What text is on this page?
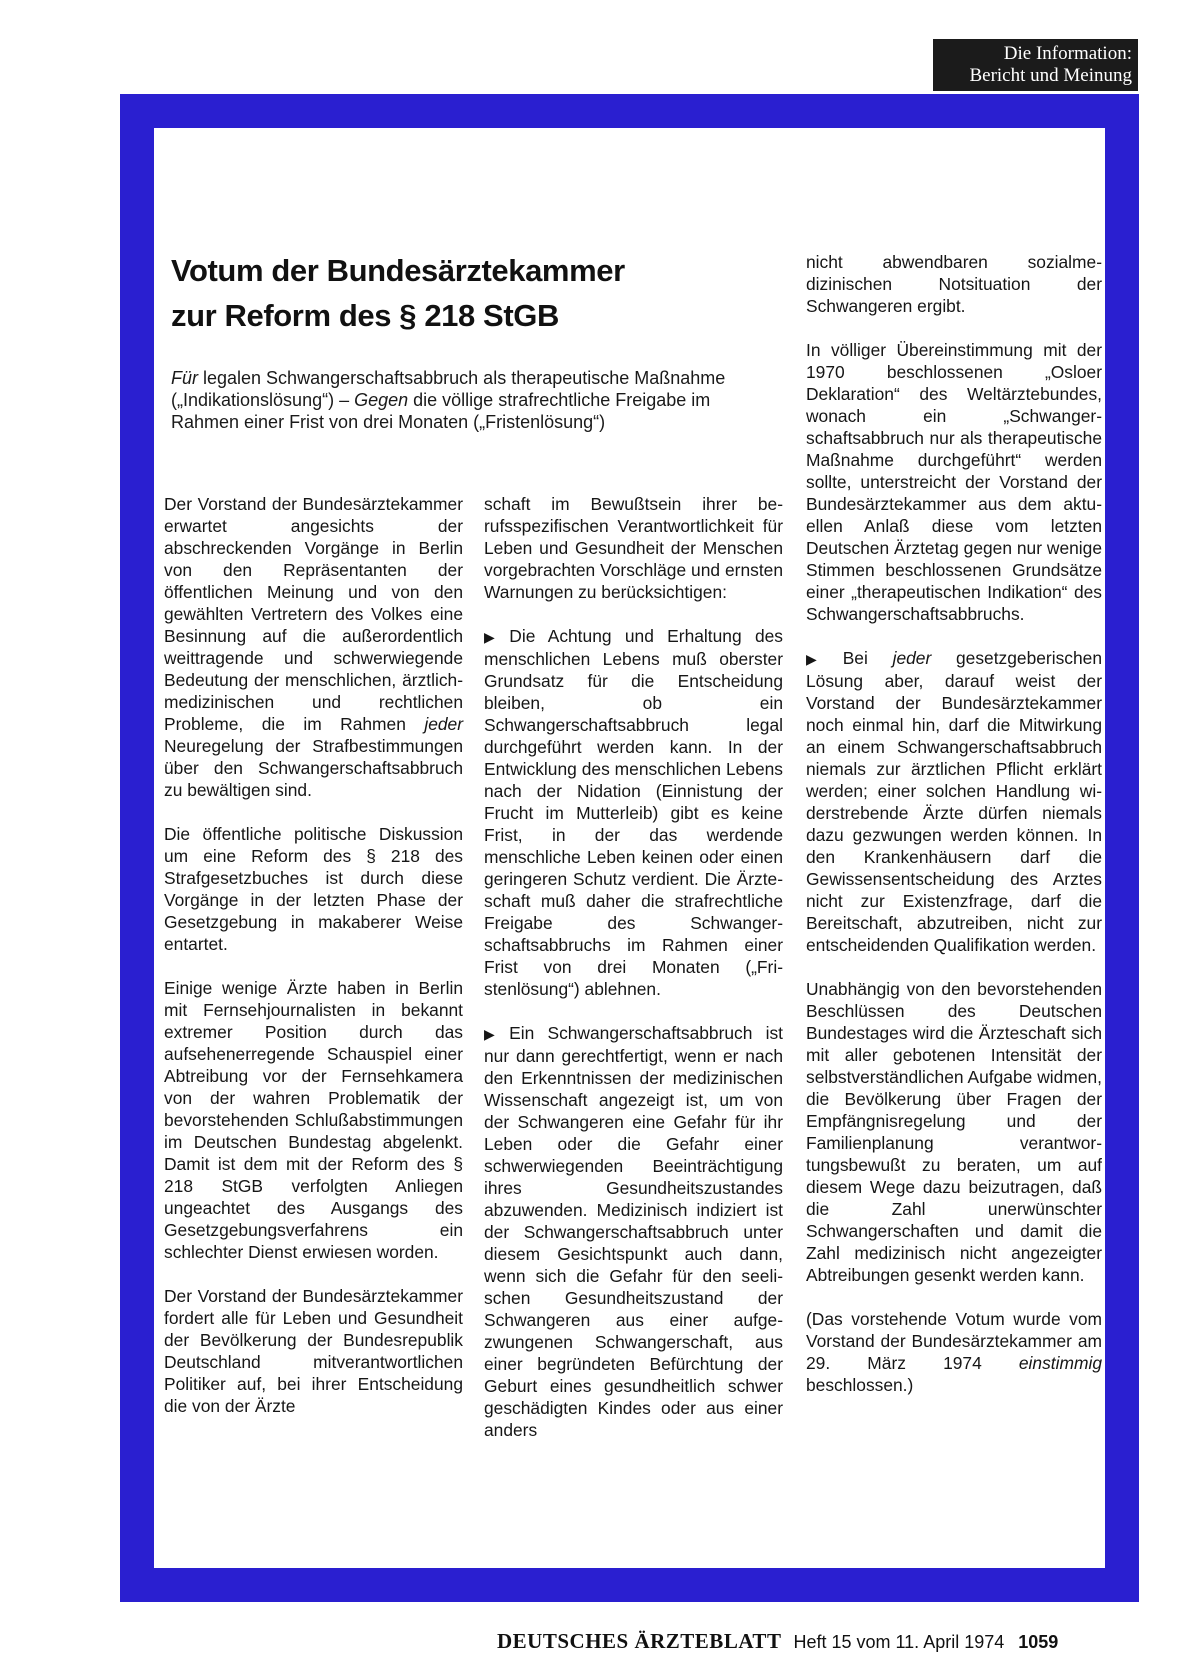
Die Information:
Bericht und Meinung
Votum der Bundesärztekammer
zur Reform des § 218 StGB

Für legalen Schwangerschaftsabbruch als therapeutische Maßnahme („Indikationslösung“) – Gegen die völlige strafrechtliche Freigabe im Rahmen einer Frist von drei Monaten („Fristenlösung“)

Der Vorstand der Bundesärztekammer erwartet angesichts der abschreckenden Vorgänge in Berlin von den Repräsentanten der öffentlichen Meinung und von den gewählten Vertretern des Volkes eine Besinnung auf die außerordentlich weittragende und schwerwiegende Bedeutung der menschlichen, ärztlichmedizinischen und rechtlichen Probleme, die im Rahmen jeder Neuregelung der Strafbestimmungen über den Schwangerschaftsabbruch zu bewältigen sind.

Die öffentliche politische Diskussion um eine Reform des § 218 des Strafgesetzbuches ist durch diese Vorgänge in der letzten Phase der Gesetzgebung in makaberer Weise entartet.

Einige wenige Ärzte haben in Berlin mit Fernsehjournalisten in bekannt extremer Position durch das aufsehenerregende Schauspiel einer Abtreibung vor der Fernsehkamera von der wahren Problematik der bevorstehenden Schlußabstimmungen im Deutschen Bundestag abgelenkt. Damit ist dem mit der Reform des § 218 StGB verfolgten Anliegen ungeachtet des Ausgangs des Gesetzgebungsverfahrens ein schlechter Dienst erwiesen worden.

Der Vorstand der Bundesärztekammer fordert alle für Leben und Gesundheit der Bevölkerung der Bundesrepublik Deutschland mitverantwortlichen Politiker auf, bei ihrer Entscheidung die von der Ärzte

schaft im Bewußtsein ihrer berufsspezifischen Verantwortlichkeit für Leben und Gesundheit der Menschen vorgebrachten Vorschläge und ernsten Warnungen zu berücksichtigen:

▶ Die Achtung und Erhaltung des menschlichen Lebens muß oberster Grundsatz für die Entscheidung bleiben, ob ein Schwangerschaftsabbruch legal durchgeführt werden kann. In der Entwicklung des menschlichen Lebens nach der Nidation (Einnistung der Frucht im Mutterleib) gibt es keine Frist, in der das werdende menschliche Leben keinen oder einen geringeren Schutz verdient. Die Ärzteschaft muß daher die strafrechtliche Freigabe des Schwangerschaftsabbruchs im Rahmen einer Frist von drei Monaten („Fristenlösung“) ablehnen.

▶ Ein Schwangerschaftsabbruch ist nur dann gerechtfertigt, wenn er nach den Erkenntnissen der medizinischen Wissenschaft angezeigt ist, um von der Schwangeren eine Gefahr für ihr Leben oder die Gefahr einer schwerwiegenden Beeinträchtigung ihres Gesundheitszustandes abzuwenden. Medizinisch indiziert ist der Schwangerschaftsabbruch unter diesem Gesichtspunkt auch dann, wenn sich die Gefahr für den seelischen Gesundheitszustand der Schwangeren aus einer aufgezwungenen Schwangerschaft, aus einer begründeten Befürchtung der Geburt eines gesundheitlich schwer geschädigten Kindes oder aus einer anders

nicht abwendbaren sozialmedizinischen Notsituation der Schwangeren ergibt.

In völliger Übereinstimmung mit der 1970 beschlossenen „Osloer Deklaration“ des Weltärztebundes, wonach ein „Schwangerschaftsabbruch nur als therapeutische Maßnahme durchgeführt“ werden sollte, unterstreicht der Vorstand der Bundesärztekammer aus dem aktuellen Anlaß diese vom letzten Deutschen Ärztetag gegen nur wenige Stimmen beschlossenen Grundsätze einer „therapeutischen Indikation“ des Schwangerschaftsabbruchs.

▶ Bei jeder gesetzgeberischen Lösung aber, darauf weist der Vorstand der Bundesärztekammer noch einmal hin, darf die Mitwirkung an einem Schwangerschaftsabbruch niemals zur ärztlichen Pflicht erklärt werden; einer solchen Handlung widerstrebende Ärzte dürfen niemals dazu gezwungen werden können. In den Krankenhäusern darf die Gewissensentscheidung des Arztes nicht zur Existenzfrage, darf die Bereitschaft, abzutreiben, nicht zur entscheidenden Qualifikation werden.

Unabhängig von den bevorstehenden Beschlüssen des Deutschen Bundestages wird die Ärzteschaft sich mit aller gebotenen Intensität der selbstverständlichen Aufgabe widmen, die Bevölkerung über Fragen der Empfängnisregelung und der Familienplanung verantwortungsbewußt zu beraten, um auf diesem Wege dazu beizutragen, daß die Zahl unerwünschter Schwangerschaften und damit die Zahl medizinisch nicht angezeigter Abtreibungen gesenkt werden kann.

(Das vorstehende Votum wurde vom Vorstand der Bundesärztekammer am 29. März 1974 einstimmig beschlossen.)

DEUTSCHES ÄRZTEBLATT Heft 15 vom 11. April 1974 1059
